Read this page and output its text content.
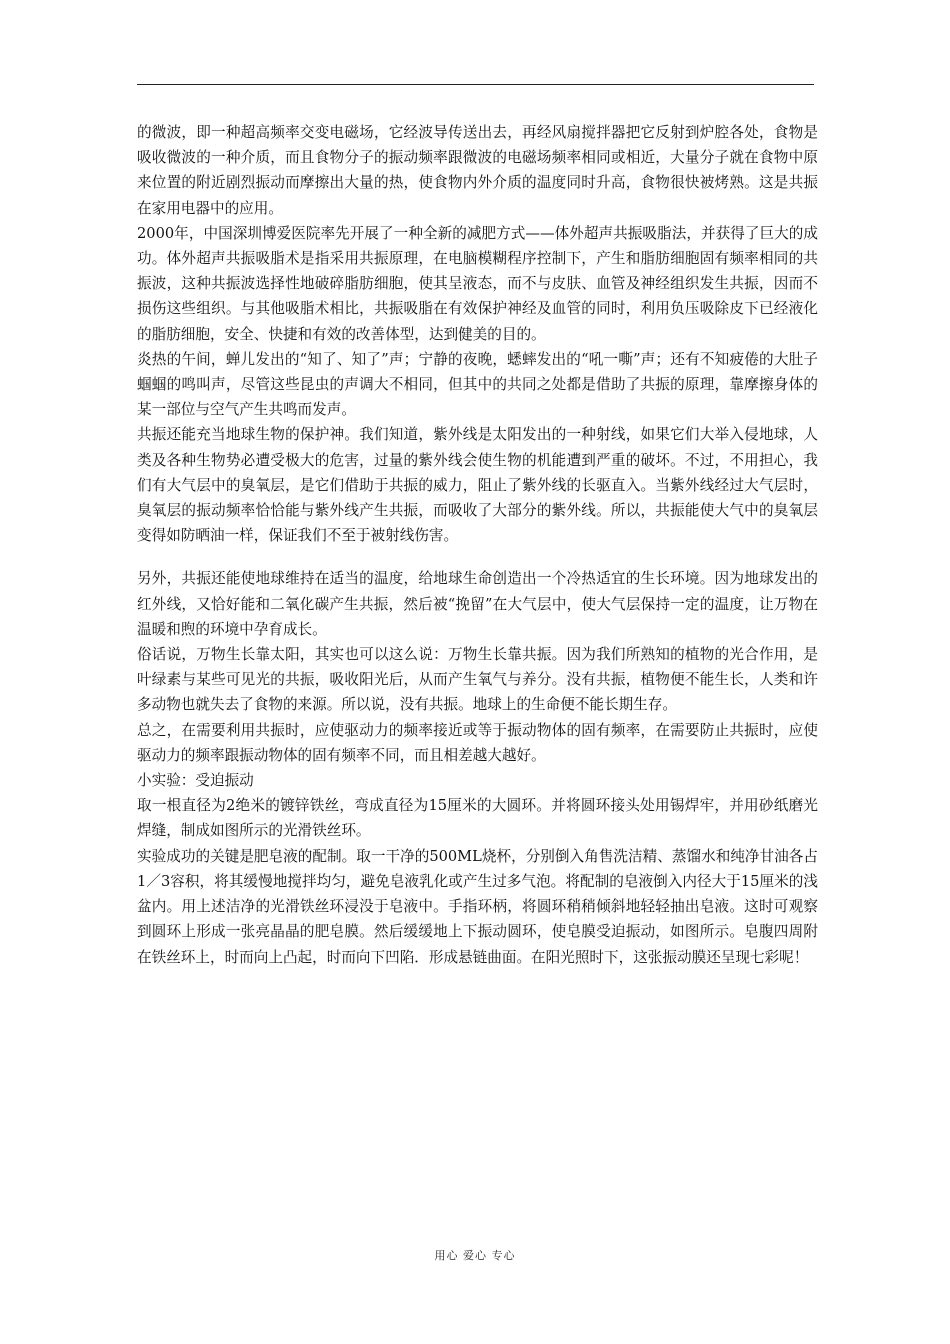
的微波，即一种超高频率交变电磁场，它经波导传送出去，再经风扇搅拌器把它反射到炉腔各处，食物是吸收微波的一种介质，而且食物分子的振动频率跟微波的电磁场频率相同或相近，大量分子就在食物中原来位置的附近剧烈振动而摩擦出大量的热，使食物内外介质的温度同时升高，食物很快被烤熟。这是共振在家用电器中的应用。

2000年，中国深圳博爱医院率先开展了一种全新的减肥方式——体外超声共振吸脂法，并获得了巨大的成功。体外超声共振吸脂术是指采用共振原理，在电脑模糊程序控制下，产生和脂肪细胞固有频率相同的共振波，这种共振波选择性地破碎脂肪细胞，使其呈液态，而不与皮肤、血管及神经组织发生共振，因而不损伤这些组织。与其他吸脂术相比，共振吸脂在有效保护神经及血管的同时，利用负压吸除皮下已经液化的脂肪细胞，安全、快捷和有效的改善体型，达到健美的目的。

炎热的午间，蝉儿发出的“知了、知了”声；宁静的夜晚，蟋蟀发出的“吼一嘶”声；还有不知疲倦的大肚子蝈蝈的鸣叫声，尽管这些昆虫的声调大不相同，但其中的共同之处都是借助了共振的原理，靠摩擦身体的某一部位与空气产生共鸣而发声。

共振还能充当地球生物的保护神。我们知道，紫外线是太阳发出的一种射线，如果它们大举入侵地球，人类及各种生物势必遭受极大的危害，过量的紫外线会使生物的机能遭到严重的破坏。不过，不用担心，我们有大气层中的臭氧层，是它们借助于共振的威力，阻止了紫外线的长驱直入。当紫外线经过大气层时，臭氧层的振动频率恰恰能与紫外线产生共振，而吸收了大部分的紫外线。所以，共振能使大气中的臭氧层变得如防晒油一样，保证我们不至于被射线伤害。

另外，共振还能使地球维持在适当的温度，给地球生命创造出一个冷热适宜的生长环境。因为地球发出的红外线，又恰好能和二氧化碳产生共振，然后被“挽留”在大气层中，使大气层保持一定的温度，让万物在温暖和煦的环境中孕育成长。

俗话说，万物生长靠太阳，其实也可以这么说：万物生长靠共振。因为我们所熟知的植物的光合作用，是叶绿素与某些可见光的共振，吸收阳光后，从而产生氧气与养分。没有共振，植物便不能生长，人类和许多动物也就失去了食物的来源。所以说，没有共振。地球上的生命便不能长期生存。

总之，在需要利用共振时，应使驱动力的频率接近或等于振动物体的固有频率，在需要防止共振时，应使驱动力的频率跟振动物体的固有频率不同，而且相差越大越好。

小实验：受迫振动

取一根直径为2绝米的镀锌铁丝，弯成直径为15厘米的大圆环。并将圆环接头处用锡焊牢，并用砂纸磨光焊缝，制成如图所示的光滑铁丝环。

实验成功的关键是肥皂液的配制。取一干净的500ML烧杯，分别倒入角售洗洁精、蒸馏水和纯净甘油各占1／3容积，将其缓慢地搅拌均匀，避免皂液乳化或产生过多气泡。将配制的皂液倒入内径大于15厘米的浅盆内。用上述洁净的光滑铁丝环浸没于皂液中。手指环柄，将圆环稍稍倾斜地轻轻抽出皂液。这时可观察到圆环上形成一张亮晶晶的肥皂膜。然后缓缓地上下振动圆环，使皂膜受迫振动，如图所示。皂腹四周附在铁丝环上，时而向上凸起，时而向下凹陷．形成悬链曲面。在阳光照时下，这张振动膜还呈现七彩呢！

用心 爱心 专心
